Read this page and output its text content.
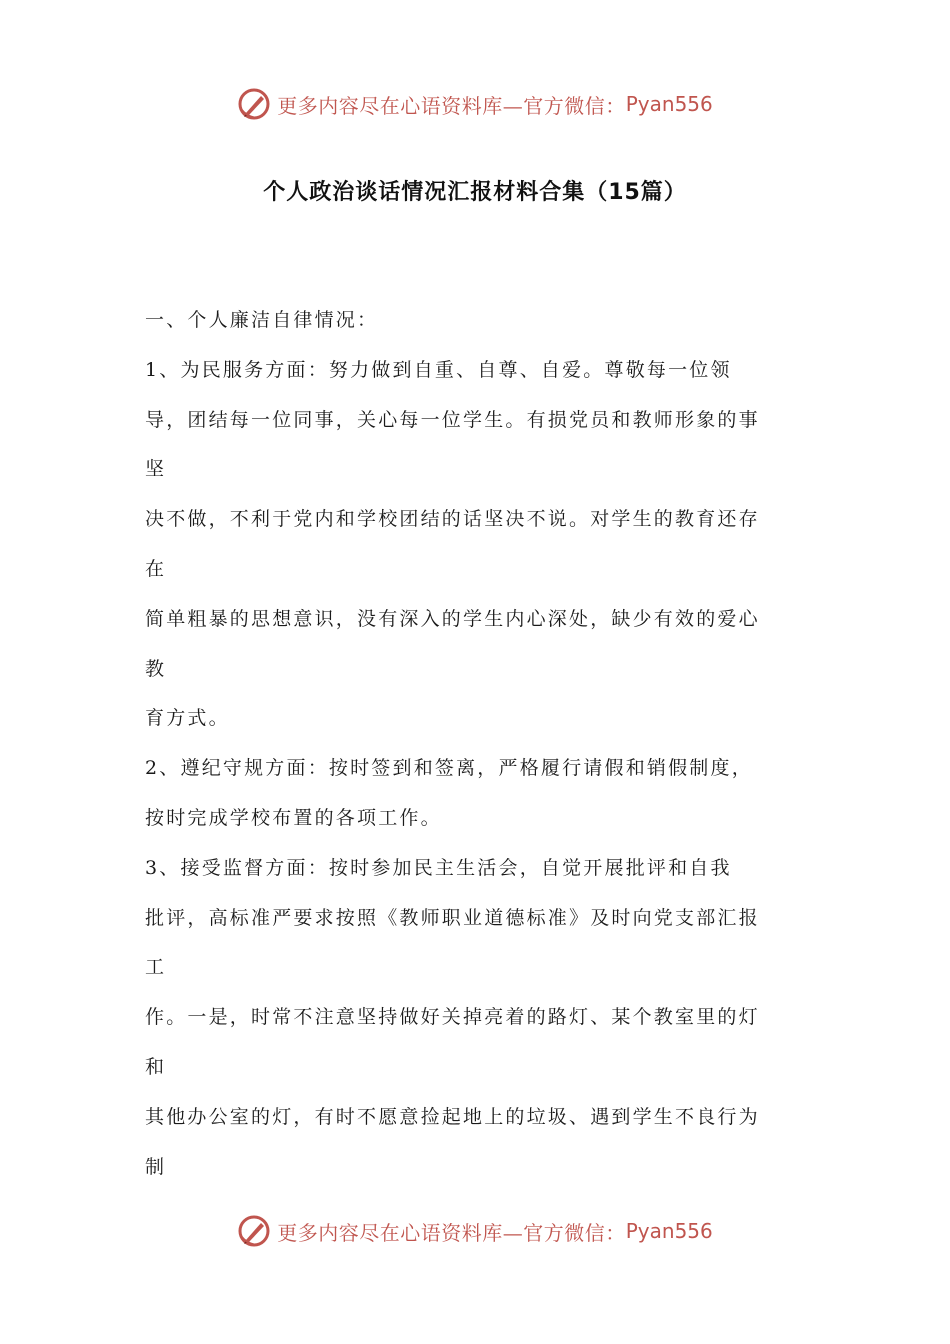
更多内容尽在心语资料库—官方微信： Pyan556
个人政治谈话情况汇报材料合集（15篇）
一、个人廉洁自律情况：
1、为民服务方面：努力做到自重、自尊、自爱。尊敬每一位领
导，团结每一位同事，关心每一位学生。有损党员和教师形象的事
坚
决不做，不利于党内和学校团结的话坚决不说。对学生的教育还存
在
简单粗暴的思想意识，没有深入的学生内心深处，缺少有效的爱心
教
育方式。
2、遵纪守规方面：按时签到和签离，严格履行请假和销假制度，
按时完成学校布置的各项工作。
3、接受监督方面：按时参加民主生活会，自觉开展批评和自我
批评，高标准严要求按照《教师职业道德标准》及时向党支部汇报
工
作。一是，时常不注意坚持做好关掉亮着的路灯、某个教室里的灯
和
其他办公室的灯，有时不愿意捡起地上的垃圾、遇到学生不良行为
制
更多内容尽在心语资料库—官方微信： Pyan556
